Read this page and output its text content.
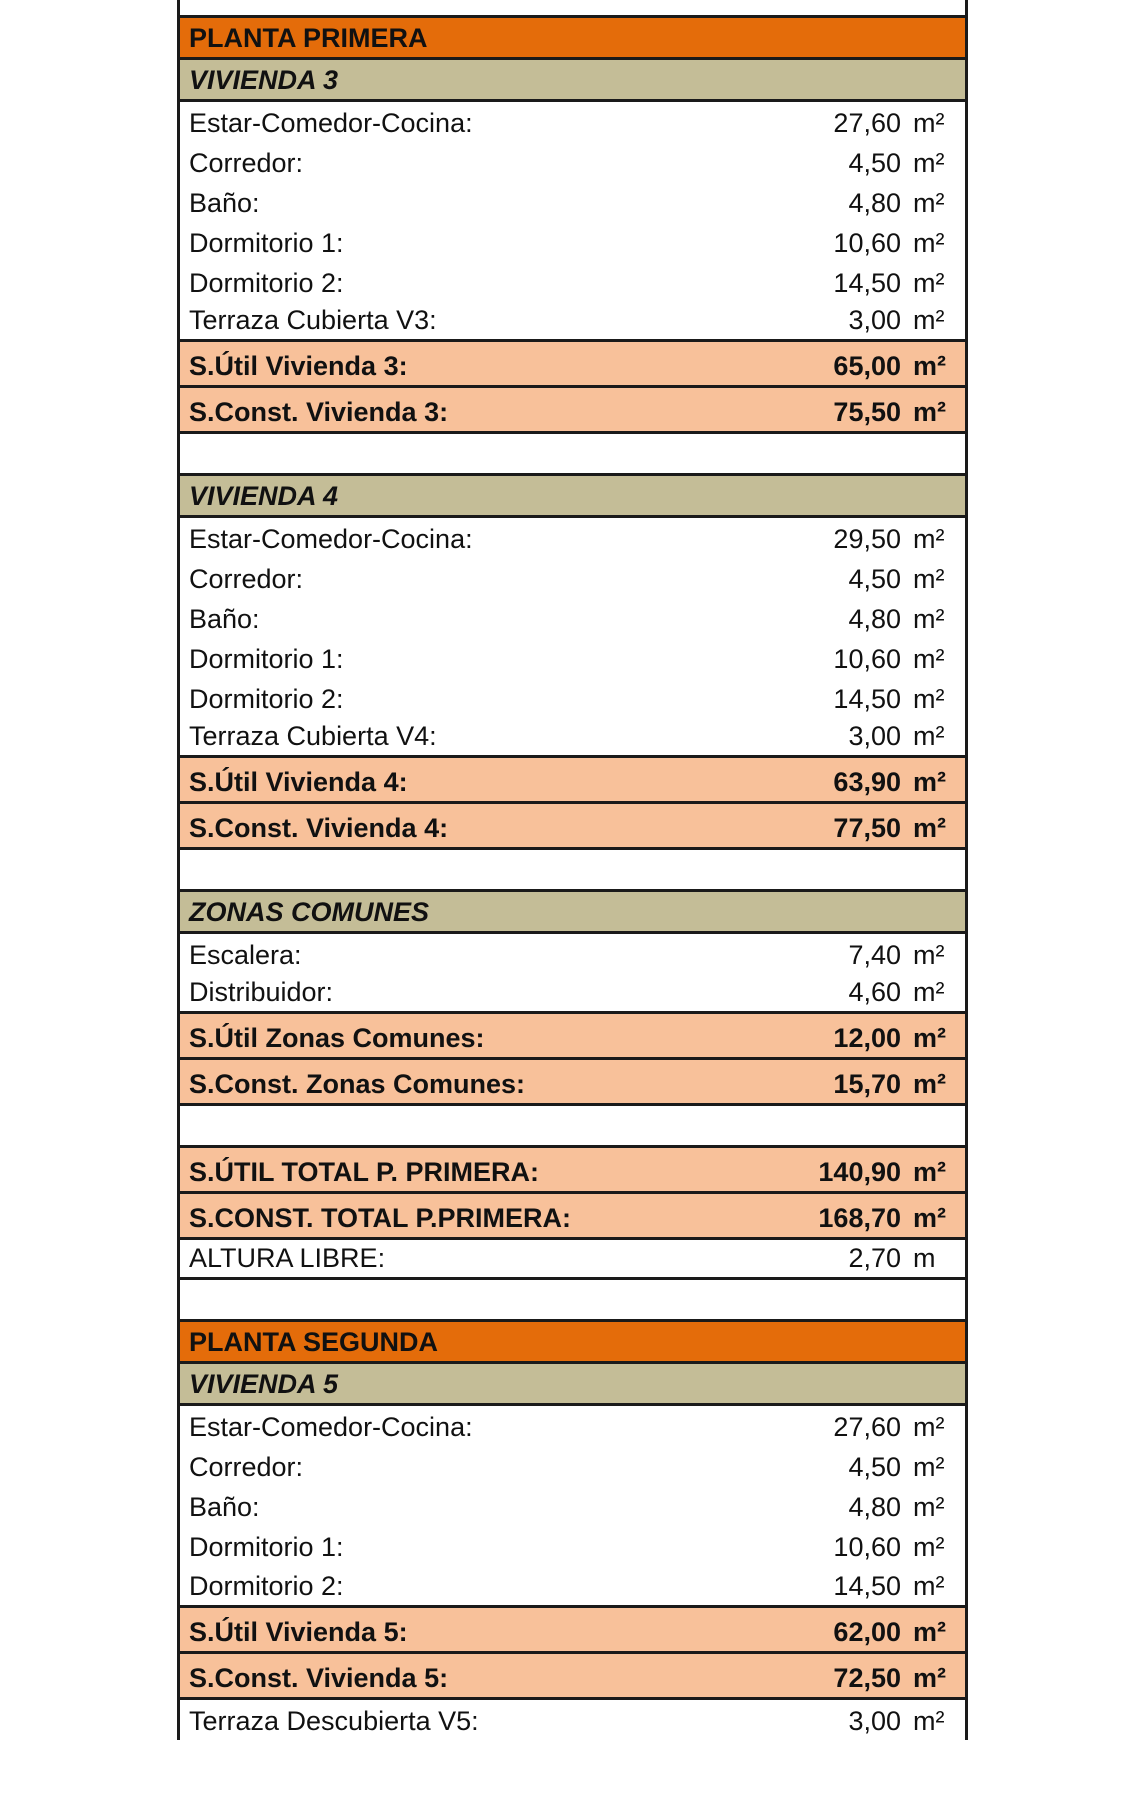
PLANTA PRIMERA
VIVIENDA 3
Estar-Comedor-Cocina:	27,60 m²
Corredor:	4,50 m²
Baño:	4,80 m²
Dormitorio 1:	10,60 m²
Dormitorio 2:	14,50 m²
Terraza Cubierta V3:	3,00 m²
S.Útil Vivienda 3:	65,00 m²
S.Const. Vivienda 3:	75,50 m²
VIVIENDA 4
Estar-Comedor-Cocina:	29,50 m²
Corredor:	4,50 m²
Baño:	4,80 m²
Dormitorio 1:	10,60 m²
Dormitorio 2:	14,50 m²
Terraza Cubierta V4:	3,00 m²
S.Útil Vivienda 4:	63,90 m²
S.Const. Vivienda 4:	77,50 m²
ZONAS COMUNES
Escalera:	7,40 m²
Distribuidor:	4,60 m²
S.Útil Zonas Comunes:	12,00 m²
S.Const. Zonas Comunes:	15,70 m²
S.ÚTIL TOTAL P. PRIMERA:	140,90 m²
S.CONST. TOTAL P.PRIMERA:	168,70 m²
ALTURA LIBRE:	2,70 m
PLANTA SEGUNDA
VIVIENDA 5
Estar-Comedor-Cocina:	27,60 m²
Corredor:	4,50 m²
Baño:	4,80 m²
Dormitorio 1:	10,60 m²
Dormitorio 2:	14,50 m²
S.Útil Vivienda 5:	62,00 m²
S.Const. Vivienda 5:	72,50 m²
Terraza Descubierta V5:	3,00 m²
